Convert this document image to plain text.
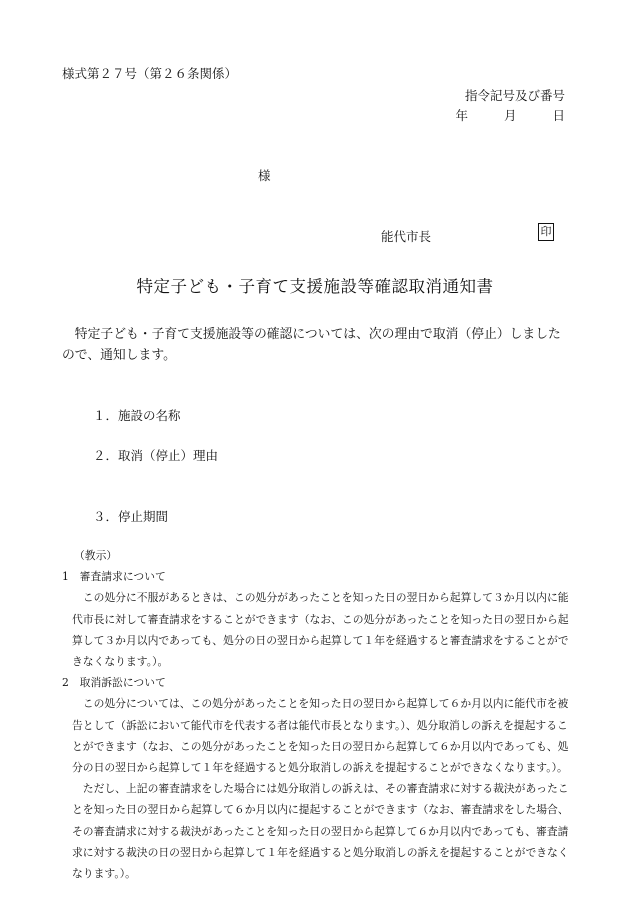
様式第２７号（第２６条関係）
指令記号及び番号
年	月	日
様
能代市長	印
特定子ども・子育て支援施設等確認取消通知書
特定子ども・子育て支援施設等の確認については、次の理由で取消（停止）しましたので、通知します。
１．施設の名称
２．取消（停止）理由
３．停止期間
（教示）
1　審査請求について
この処分に不服があるときは、この処分があったことを知った日の翌日から起算して３か月以内に能代市長に対して審査請求をすることができます（なお、この処分があったことを知った日の翌日から起算して３か月以内であっても、処分の日の翌日から起算して１年を経過すると審査請求をすることができなくなります。）。
2　取消訴訟について
この処分については、この処分があったことを知った日の翌日から起算して６か月以内に能代市を被告として（訴訟において能代市を代表する者は能代市長となります。）、処分取消しの訴えを提起することができます（なお、この処分があったことを知った日の翌日から起算して６か月以内であっても、処分の日の翌日から起算して１年を経過すると処分取消しの訴えを提起することができなくなります。）。
ただし、上記の審査請求をした場合には処分取消しの訴えは、その審査請求に対する裁決があったことを知った日の翌日から起算して６か月以内に提起することができます（なお、審査請求をした場合、その審査請求に対する裁決があったことを知った日の翌日から起算して６か月以内であっても、審査請求に対する裁決の日の翌日から起算して１年を経過すると処分取消しの訴えを提起することができなくなります。）。
